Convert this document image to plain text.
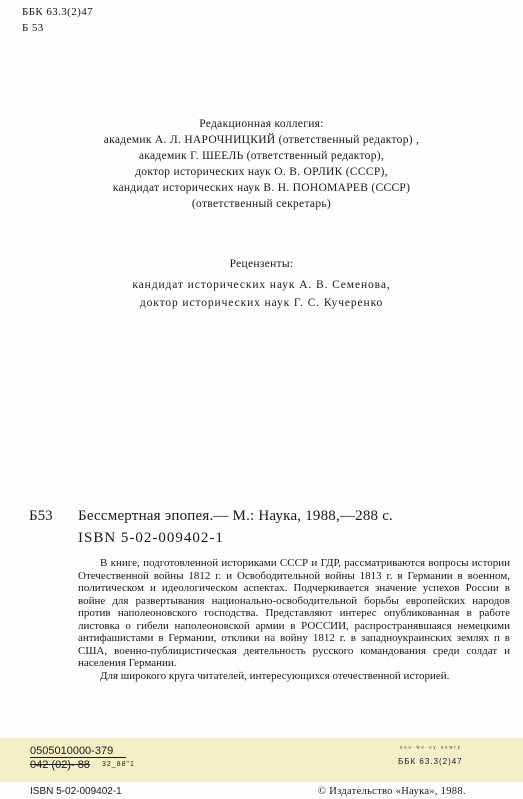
ББК 63.3(2)47
Б 53
Редакционная коллегия:
академик А. Л. НАРОЧНИЦКИЙ (ответственный редактор) ,
академик Г. ШЕЕЛЬ (ответственный редактор),
доктор исторических наук О. В. ОРЛИК (СССР),
кандидат исторических наук В. Н. ПОНОМАРЕВ (СССР)
(ответственный секретарь)
Рецензенты:
кандидат исторических наук А. В. Семенова,
доктор исторических наук Г. С. Кучеренко
Б53 Бессмертная эпопея.— М.: Наука, 1988,—288 с.
ISBN 5-02-009402-1

В книге, подготовленной историками СССР и ГДР, рассматриваются вопросы истории Отечественной войны 1812 г. и Освободительной войны 1813 г. в Германии в военном, политическом и идеологическом аспектах. Подчеркивается значение успехов России в войне для развертывания национально-освободительной борьбы европейских народов против наполеоновского господства. Представляют интерес опубликованная в работе листовка о гибели наполеоновской армии в РОССИИ, распространявшаяся немецкими антифашистами в Германии, отклики на войну 1812 г. в западноукраинских землях п в США, военно-публицистическая деятельность русского командования среди солдат и населения Германии.

Для широкого круга читателей, интересующихся отечественной историей.

0505010000-379
042 (02)- 88 32_88"1
ᵒᵒᵒ ʷᵒ ᵒʸ ˢᵒʷʳʸ
ББК 63.3(2)47
ISBN 5-02-009402-1	© Издательство «Наука», 1988.
